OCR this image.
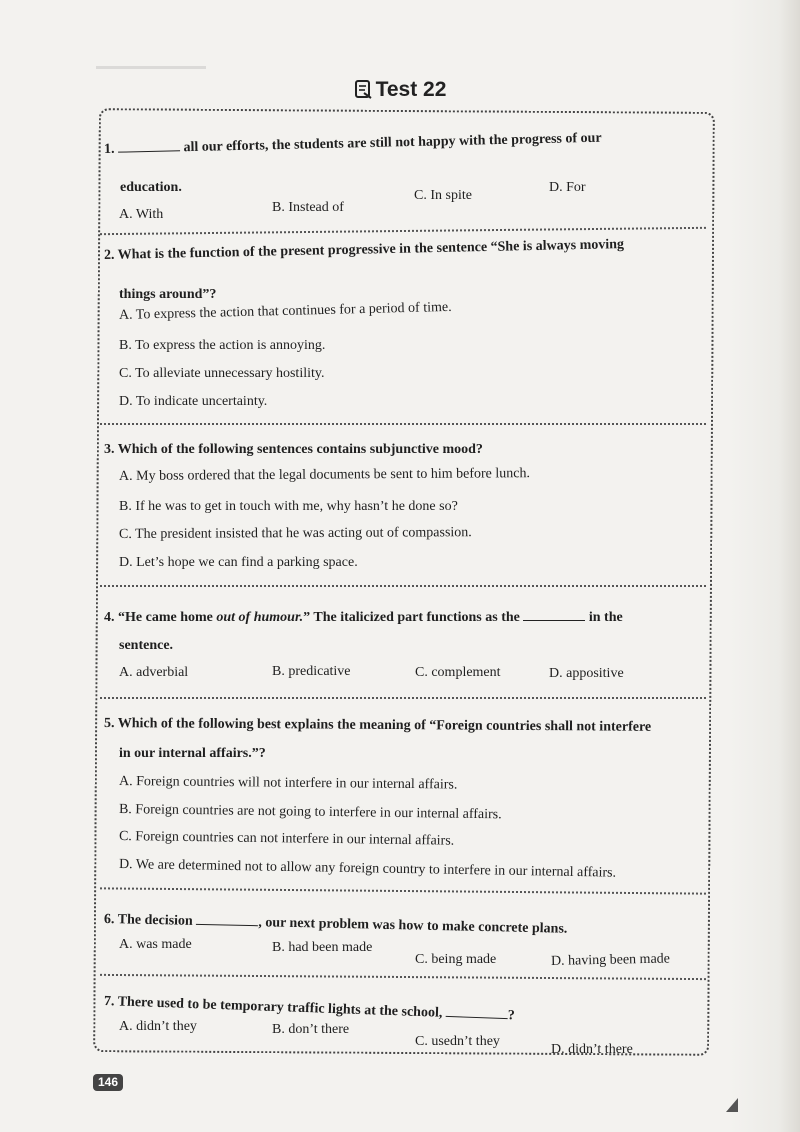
Test 22
1.	all our efforts, the students are still not happy with the progress of our
education.
A. With	B. Instead of
C. In spite
D. For
2. What is the function of the present progressive in the sentence “She is always moving
things around”?
A. To express the action that continues for a period of time.
B. To express the action is annoying.
C. To alleviate unnecessary hostility.
D. To indicate uncertainty.
3. Which of the following sentences contains subjunctive mood?
A. My boss ordered that the legal documents be sent to him before lunch.
B. If he was to get in touch with me, why hasn’t he done so?
C. The president insisted that he was acting out of compassion.
D. Let’s hope we can find a parking space.
4. “He came home out of humour.” The italicized part functions as the	in the
sentence.
A. adverbial	B. predicative	C. complement	D. appositive
5. Which of the following best explains the meaning of “Foreign countries shall not interfere
in our internal affairs.”?
A. Foreign countries will not interfere in our internal affairs.
B. Foreign countries are not going to interfere in our internal affairs.
C. Foreign countries can not interfere in our internal affairs.
D. We are determined not to allow any foreign country to interfere in our internal affairs.
6. The decision	, our next problem was how to make concrete plans.
A. was made	B. had been made
C. being made	D. having been made
7. There used to be temporary traffic lights at the school,	?
A. didn’t they	B. don’t there
C. usedn’t they
D. didn’t there
146
